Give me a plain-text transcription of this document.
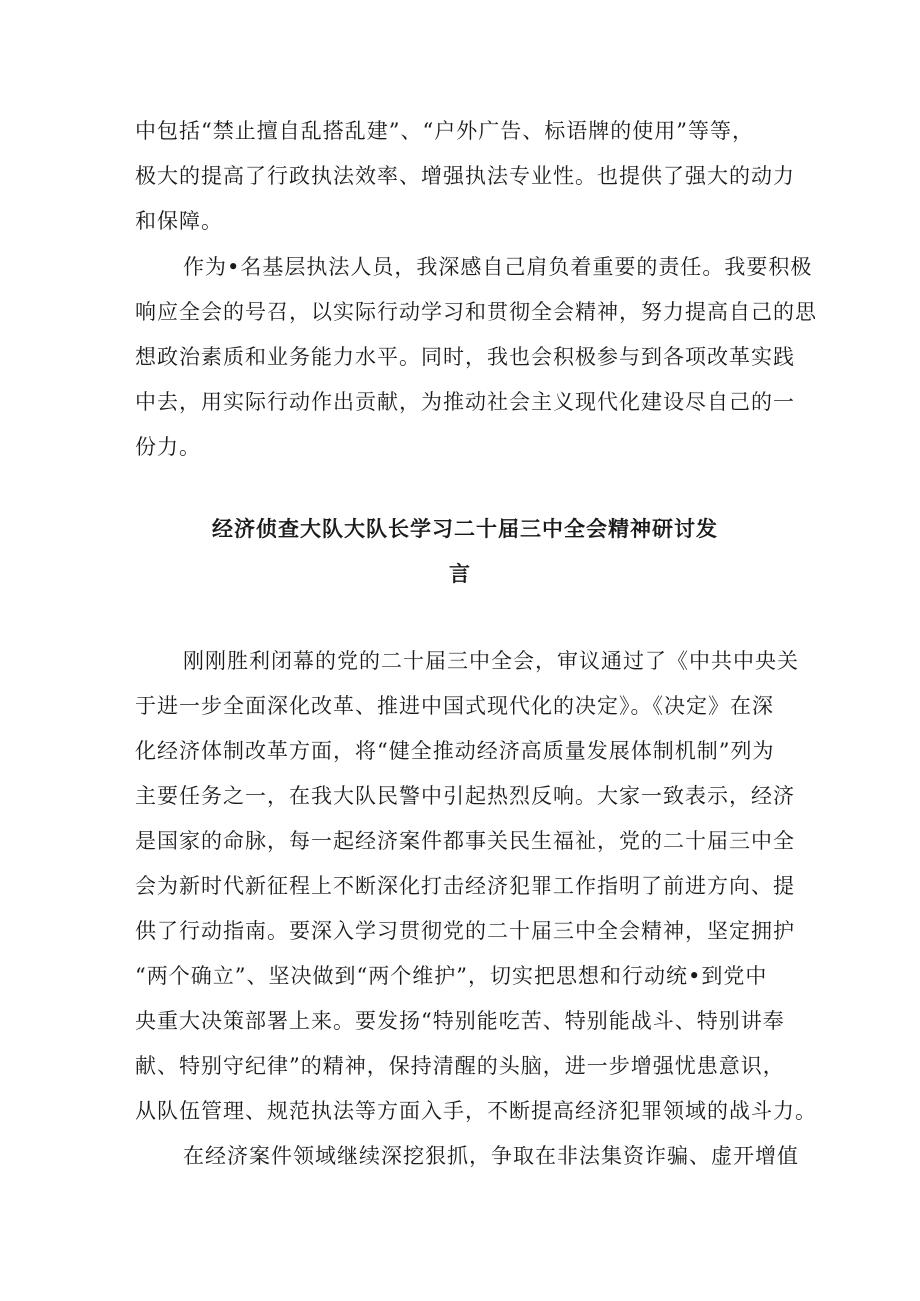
中包括“禁止擅自乱搭乱建”、“户外广告、标语牌的使用”等等，
极大的提高了行政执法效率、增强执法专业性。也提供了强大的动力
和保障。
作为•名基层执法人员，我深感自己肩负着重要的责任。我要积极
响应全会的号召，以实际行动学习和贯彻全会精神，努力提高自己的思
想政治素质和业务能力水平。同时，我也会积极参与到各项改革实践
中去，用实际行动作出贡献，为推动社会主义现代化建设尽自己的一
份力。
经济侦查大队大队长学习二十届三中全会精神研讨发
言
刚刚胜利闭幕的党的二十届三中全会，审议通过了《中共中央关
于进一步全面深化改革、推进中国式现代化的决定》。《决定》在深
化经济体制改革方面，将“健全推动经济高质量发展体制机制”列为
主要任务之一，在我大队民警中引起热烈反响。大家一致表示，经济
是国家的命脉，每一起经济案件都事关民生福祉，党的二十届三中全
会为新时代新征程上不断深化打击经济犯罪工作指明了前进方向、提
供了行动指南。要深入学习贯彻党的二十届三中全会精神，坚定拥护
“两个确立”、坚决做到“两个维护”，切实把思想和行动统•到党中
央重大决策部署上来。要发扬“特别能吃苦、特别能战斗、特别讲奉
献、特别守纪律”的精神，保持清醒的头脑，进一步增强忧患意识，
从队伍管理、规范执法等方面入手，不断提高经济犯罪领域的战斗力。
在经济案件领域继续深挖狠抓，争取在非法集资诈骗、虚开增值
